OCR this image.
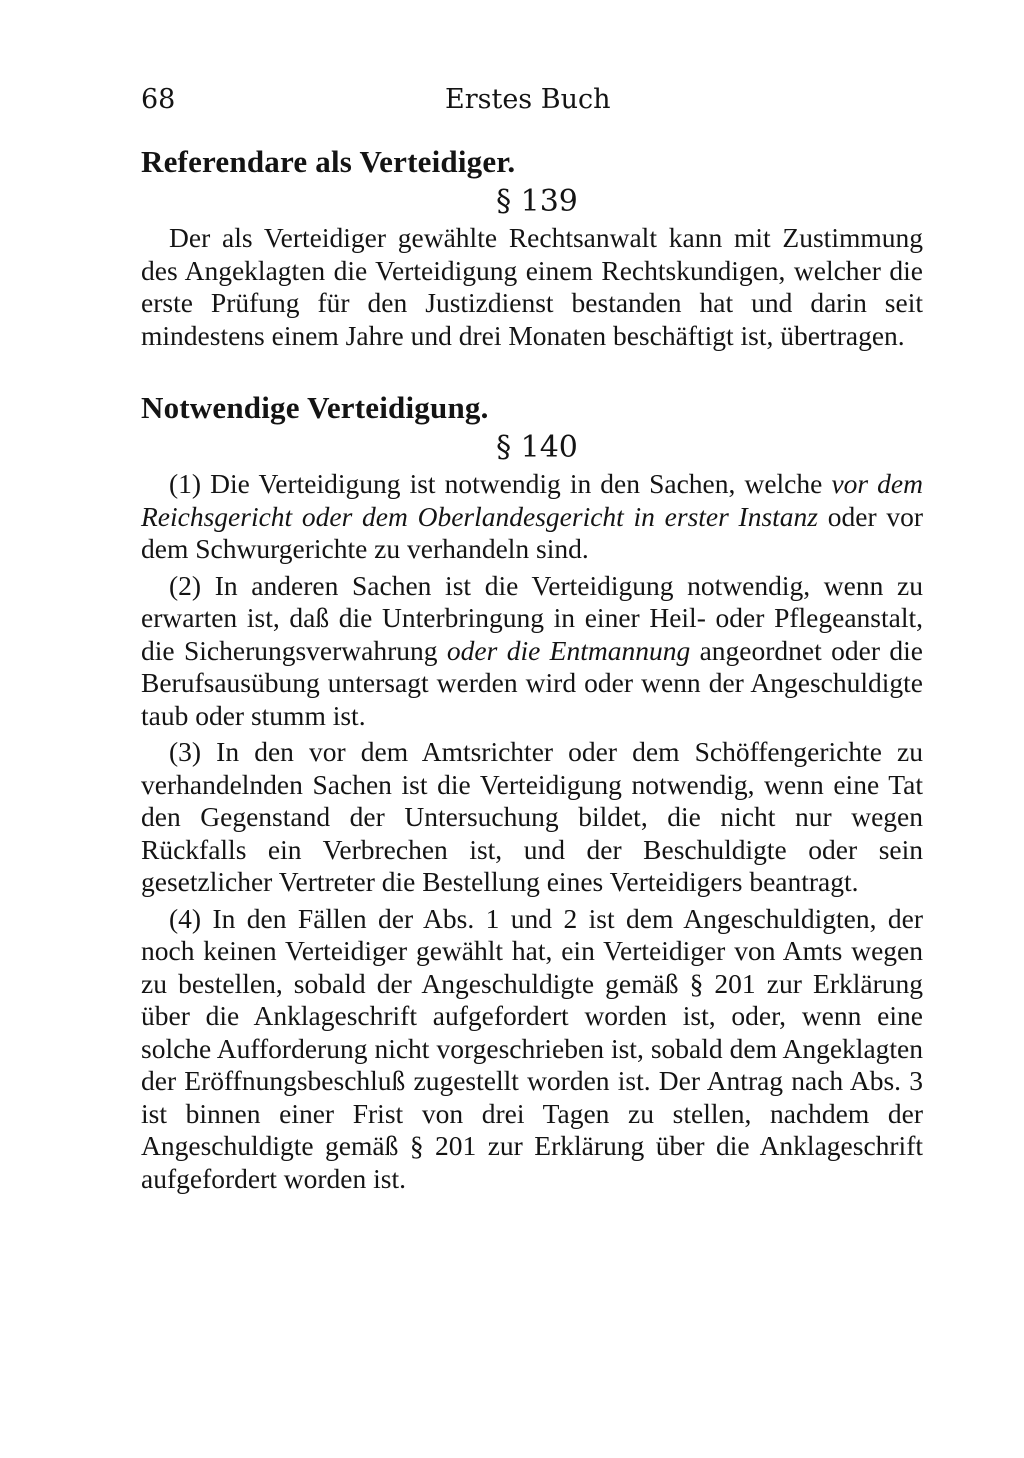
68	Erstes Buch
Referendare als Verteidiger.

§ 139

Der als Verteidiger gewählte Rechtsanwalt kann mit Zustimmung des Angeklagten die Verteidigung einem Rechtskundigen, welcher die erste Prüfung für den Justizdienst bestanden hat und darin seit mindestens einem Jahre und drei Monaten beschäftigt ist, übertragen.

Notwendige Verteidigung.

§ 140

(1) Die Verteidigung ist notwendig in den Sachen, welche vor dem Reichsgericht oder dem Oberlandesgericht in erster Instanz oder vor dem Schwurgerichte zu verhandeln sind.

(2) In anderen Sachen ist die Verteidigung notwendig, wenn zu erwarten ist, daß die Unterbringung in einer Heil- oder Pflegeanstalt, die Sicherungsverwahrung oder die Entmannung angeordnet oder die Berufsausübung untersagt werden wird oder wenn der Angeschuldigte taub oder stumm ist.

(3) In den vor dem Amtsrichter oder dem Schöffengerichte zu verhandelnden Sachen ist die Verteidigung notwendig, wenn eine Tat den Gegenstand der Untersuchung bildet, die nicht nur wegen Rückfalls ein Verbrechen ist, und der Beschuldigte oder sein gesetzlicher Vertreter die Bestellung eines Verteidigers beantragt.

(4) In den Fällen der Abs. 1 und 2 ist dem Angeschuldigten, der noch keinen Verteidiger gewählt hat, ein Verteidiger von Amts wegen zu bestellen, sobald der Angeschuldigte gemäß § 201 zur Erklärung über die Anklageschrift aufgefordert worden ist, oder, wenn eine solche Aufforderung nicht vorgeschrieben ist, sobald dem Angeklagten der Eröffnungsbeschluß zugestellt worden ist. Der Antrag nach Abs. 3 ist binnen einer Frist von drei Tagen zu stellen, nachdem der Angeschuldigte gemäß § 201 zur Erklärung über die Anklageschrift aufgefordert worden ist.
